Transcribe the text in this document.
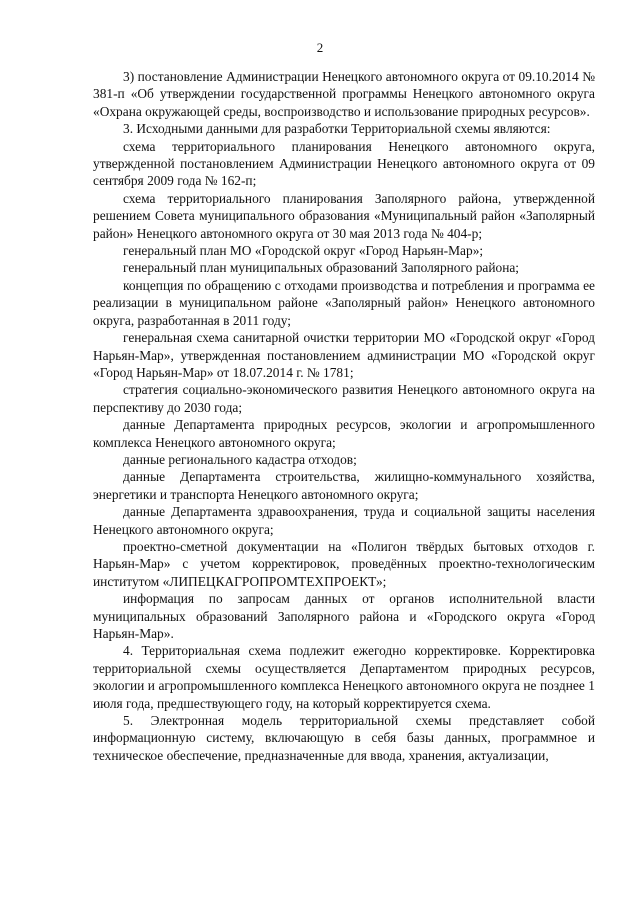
2

3) постановление Администрации Ненецкого автономного округа от 09.10.2014 № 381-п «Об утверждении государственной программы Ненецкого автономного округа «Охрана окружающей среды, воспроизводство и использование природных ресурсов».

3. Исходными данными для разработки Территориальной схемы являются:

схема территориального планирования Ненецкого автономного округа, утвержденной постановлением Администрации Ненецкого автономного округа от 09 сентября 2009 года № 162-п;

схема территориального планирования Заполярного района, утвержденной решением Совета муниципального образования «Муниципальный район «Заполярный район» Ненецкого автономного округа от 30 мая 2013 года № 404-р;

генеральный план МО «Городской округ «Город Нарьян-Мар»;

генеральный план муниципальных образований Заполярного района;

концепция по обращению с отходами производства и потребления и программа ее реализации в муниципальном районе «Заполярный район» Ненецкого автономного округа, разработанная в 2011 году;

генеральная схема санитарной очистки территории МО «Городской округ «Город Нарьян-Мар», утвержденная постановлением администрации МО «Городской округ «Город Нарьян-Мар» от 18.07.2014 г. № 1781;

стратегия социально-экономического развития Ненецкого автономного округа на перспективу до 2030 года;

данные Департамента природных ресурсов, экологии и агропромышленного комплекса Ненецкого автономного округа;

данные регионального кадастра отходов;

данные Департамента строительства, жилищно-коммунального хозяйства, энергетики и транспорта Ненецкого автономного округа;

данные Департамента здравоохранения, труда и социальной защиты населения Ненецкого автономного округа;

проектно-сметной документации на «Полигон твёрдых бытовых отходов г. Нарьян-Мар» с учетом корректировок, проведённых проектно-технологическим институтом «ЛИПЕЦКАГРОПРОМТЕХПРОЕКТ»;

информация по запросам данных от органов исполнительной власти муниципальных образований Заполярного района и «Городского округа «Город Нарьян-Мар».

4. Территориальная схема подлежит ежегодно корректировке. Корректировка территориальной схемы осуществляется Департаментом природных ресурсов, экологии и агропромышленного комплекса Ненецкого автономного округа не позднее 1 июля года, предшествующего году, на который корректируется схема.

5. Электронная модель территориальной схемы представляет собой информационную систему, включающую в себя базы данных, программное и техническое обеспечение, предназначенные для ввода, хранения, актуализации,
